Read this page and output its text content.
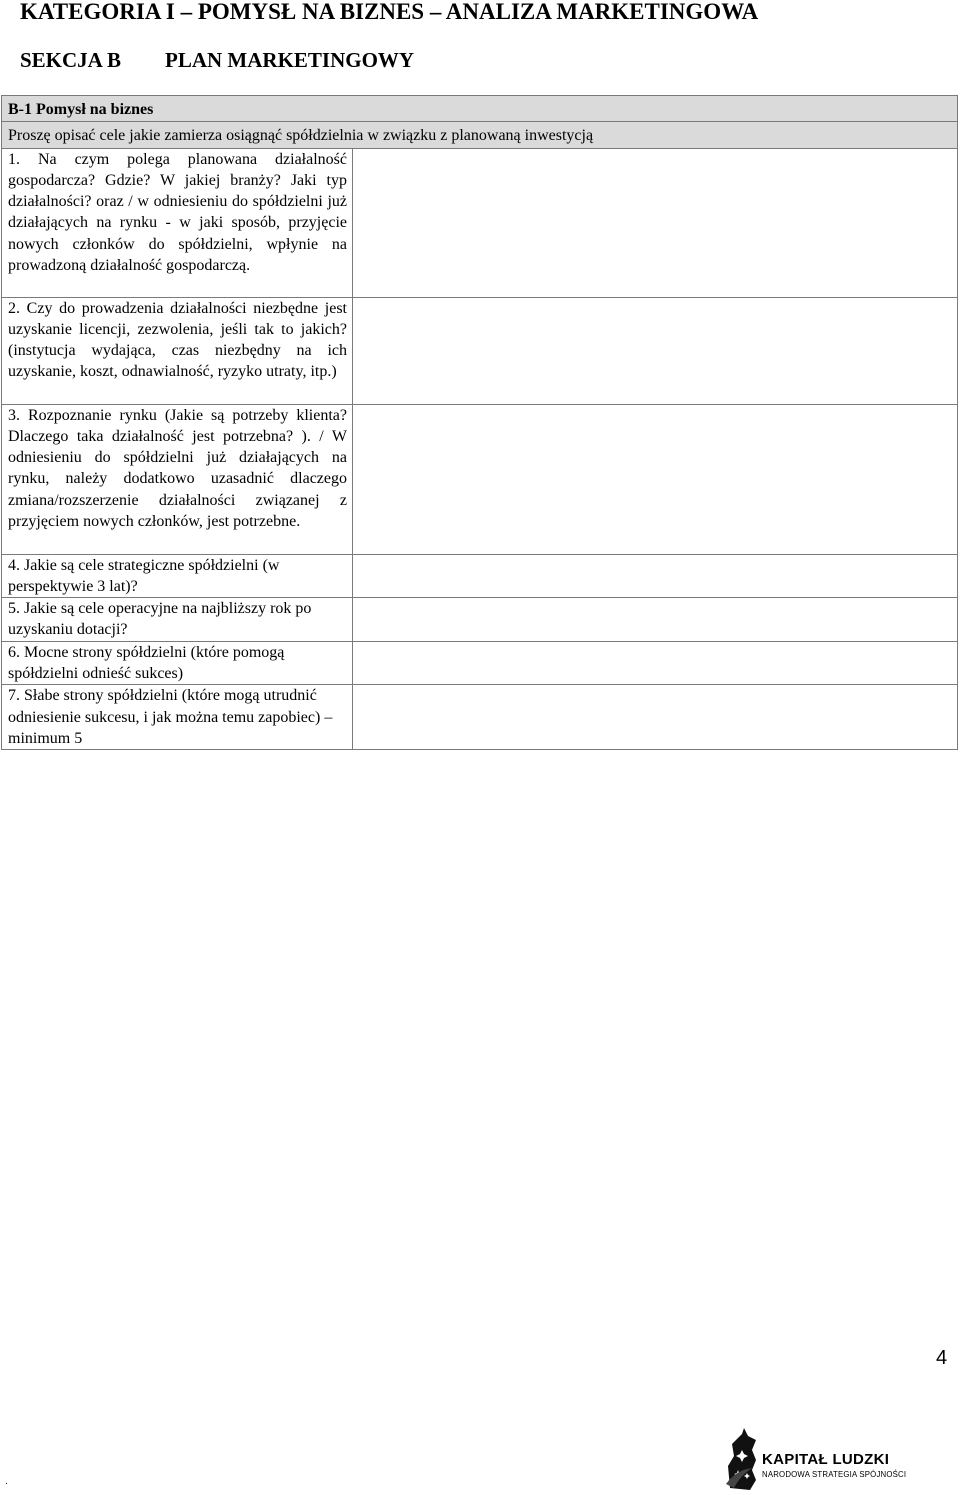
KATEGORIA I – POMYSŁ NA BIZNES – ANALIZA MARKETINGOWA
SEKCJA B PLAN MARKETINGOWY
B-1 Pomysł na biznes	
Proszę opisać cele jakie zamierza osiągnąć spółdzielnia w związku z planowaną inwestycją	
1. Na czym polega planowana działalność gospodarcza? Gdzie? W jakiej branży? Jaki typ działalności? oraz / w odniesieniu do spółdzielni już działających na rynku - w jaki sposób, przyjęcie nowych członków do spółdzielni, wpłynie na prowadzoną działalność gospodarczą.	
2. Czy do prowadzenia działalności niezbędne jest uzyskanie licencji, zezwolenia, jeśli tak to jakich? (instytucja wydająca, czas niezbędny na ich uzyskanie, koszt, odnawialność, ryzyko utraty, itp.)	
3. Rozpoznanie rynku (Jakie są potrzeby klienta? Dlaczego taka działalność jest potrzebna? ). / W odniesieniu do spółdzielni już działających na rynku, należy dodatkowo uzasadnić dlaczego zmiana/rozszerzenie działalności związanej z przyjęciem nowych członków, jest potrzebne.	
4. Jakie są cele strategiczne spółdzielni (w perspektywie 3 lat)?	
5. Jakie są cele operacyjne na najbliższy rok po uzyskaniu dotacji?	
6. Mocne strony spółdzielni (które pomogą spółdzielni odnieść sukces)	
7. Słabe strony spółdzielni (które mogą utrudnić odniesienie sukcesu, i jak można temu zapobiec) – minimum 5	
4
.
KAPITAŁ LUDZKI
NARODOWA STRATEGIA SPÓJNOŚCI
